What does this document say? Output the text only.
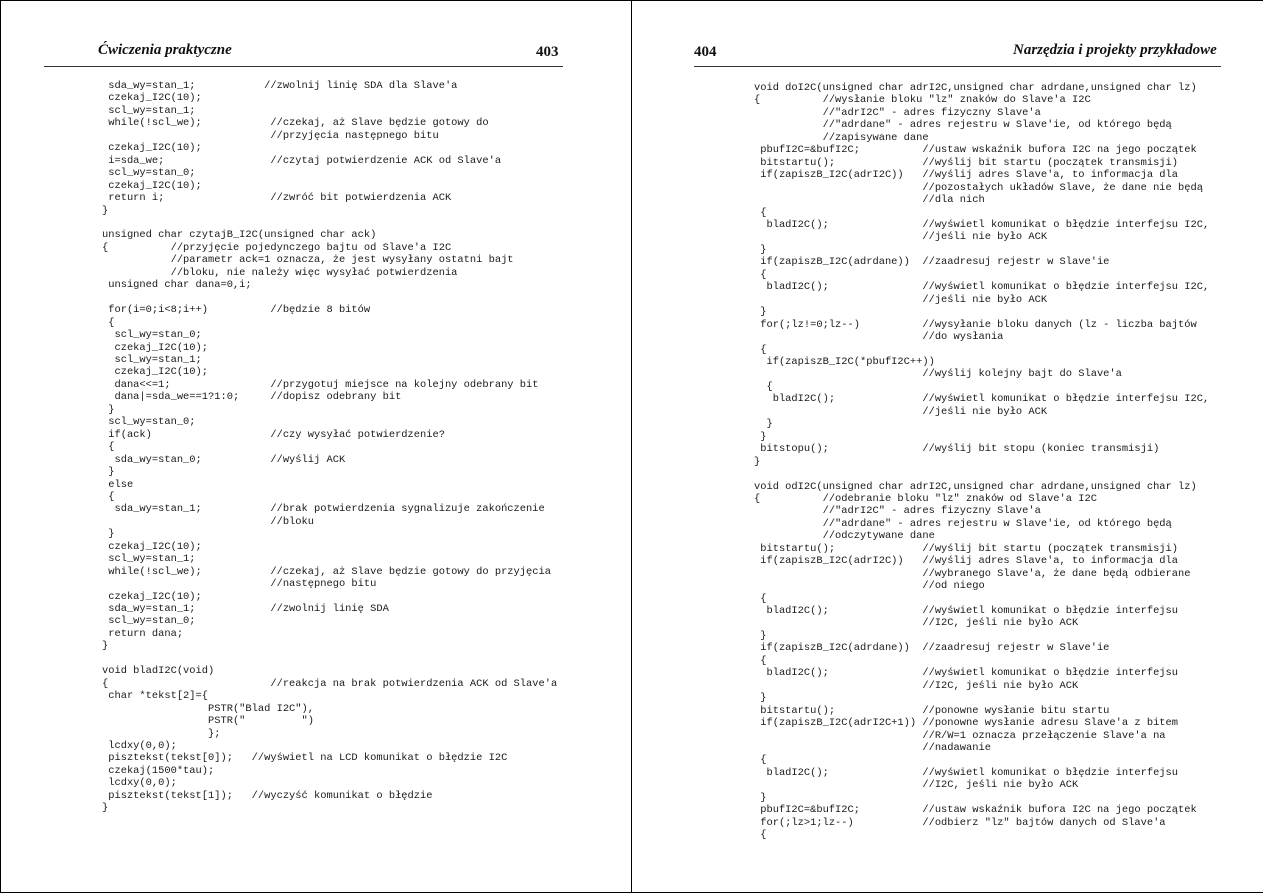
Ćwiczenia praktyczne	403
sda_wy=stan_1;           //zwolnij linię SDA dla Slave'a
czekaj_I2C(10);
scl_wy=stan_1;
while(!scl_we);           //czekaj, aż Slave będzie gotowy do
//przyjęcia następnego bitu
czekaj_I2C(10);
i=sda_we;                 //czytaj potwierdzenie ACK od Slave'a
scl_wy=stan_0;
czekaj_I2C(10);
return i;                 //zwróć bit potwierdzenia ACK
}

unsigned char czytajB_I2C(unsigned char ack)
{          //przyjęcie pojedynczego bajtu od Slave'a I2C
//parametr ack=1 oznacza, że jest wysyłany ostatni bajt
//bloku, nie należy więc wysyłać potwierdzenia
unsigned char dana=0,i;

for(i=0;i<8;i++)          //będzie 8 bitów
{
scl_wy=stan_0;
czekaj_I2C(10);
scl_wy=stan_1;
czekaj_I2C(10);
dana<<=1;                //przygotuj miejsce na kolejny odebrany bit
dana|=sda_we==1?1:0;     //dopisz odebrany bit
}
scl_wy=stan_0;
if(ack)                   //czy wysyłać potwierdzenie?
{
sda_wy=stan_0;           //wyślij ACK
}
else
{
sda_wy=stan_1;           //brak potwierdzenia sygnalizuje zakończenie
//bloku
}
czekaj_I2C(10);
scl_wy=stan_1;
while(!scl_we);           //czekaj, aż Slave będzie gotowy do przyjęcia
//następnego bitu
czekaj_I2C(10);
sda_wy=stan_1;            //zwolnij linię SDA
scl_wy=stan_0;
return dana;
}

void bladI2C(void)
{                          //reakcja na brak potwierdzenia ACK od Slave'a
char *tekst[2]={
PSTR("Blad I2C"),
PSTR("         ")
};
lcdxy(0,0);
pisztekst(tekst[0]);   //wyświetl na LCD komunikat o błędzie I2C
czekaj(1500*tau);
lcdxy(0,0);
pisztekst(tekst[1]);   //wyczyść komunikat o błędzie
}
404	Narzędzia i projekty przykładowe
void doI2C(unsigned char adrI2C,unsigned char adrdane,unsigned char lz)
{          //wysłanie bloku "lz" znaków do Slave'a I2C
//"adrI2C" - adres fizyczny Slave'a
//"adrdane" - adres rejestru w Slave'ie, od którego będą
//zapisywane dane
pbufI2C=&bufI2C;          //ustaw wskaźnik bufora I2C na jego początek
bitstartu();              //wyślij bit startu (początek transmisji)
if(zapiszB_I2C(adrI2C))   //wyślij adres Slave'a, to informacja dla
//pozostałych układów Slave, że dane nie będą
//dla nich
{
bladI2C();               //wyświetl komunikat o błędzie interfejsu I2C,
//jeśli nie było ACK
}
if(zapiszB_I2C(adrdane))  //zaadresuj rejestr w Slave'ie
{
bladI2C();               //wyświetl komunikat o błędzie interfejsu I2C,
//jeśli nie było ACK
}
for(;lz!=0;lz--)          //wysyłanie bloku danych (lz - liczba bajtów
//do wysłania
{
if(zapiszB_I2C(*pbufI2C++))
//wyślij kolejny bajt do Slave'a
{
bladI2C();              //wyświetl komunikat o błędzie interfejsu I2C,
//jeśli nie było ACK
}
}
bitstopu();               //wyślij bit stopu (koniec transmisji)
}

void odI2C(unsigned char adrI2C,unsigned char adrdane,unsigned char lz)
{          //odebranie bloku "lz" znaków od Slave'a I2C
//"adrI2C" - adres fizyczny Slave'a
//"adrdane" - adres rejestru w Slave'ie, od którego będą
//odczytywane dane
bitstartu();              //wyślij bit startu (początek transmisji)
if(zapiszB_I2C(adrI2C))   //wyślij adres Slave'a, to informacja dla
//wybranego Slave'a, że dane będą odbierane
//od niego
{
bladI2C();               //wyświetl komunikat o błędzie interfejsu
//I2C, jeśli nie było ACK
}
if(zapiszB_I2C(adrdane))  //zaadresuj rejestr w Slave'ie
{
bladI2C();               //wyświetl komunikat o błędzie interfejsu
//I2C, jeśli nie było ACK
}
bitstartu();              //ponowne wysłanie bitu startu
if(zapiszB_I2C(adrI2C+1)) //ponowne wysłanie adresu Slave'a z bitem
//R/W=1 oznacza przełączenie Slave'a na
//nadawanie
{
bladI2C();               //wyświetl komunikat o błędzie interfejsu
//I2C, jeśli nie było ACK
}
pbufI2C=&bufI2C;          //ustaw wskaźnik bufora I2C na jego początek
for(;lz>1;lz--)           //odbierz "lz" bajtów danych od Slave'a
{
